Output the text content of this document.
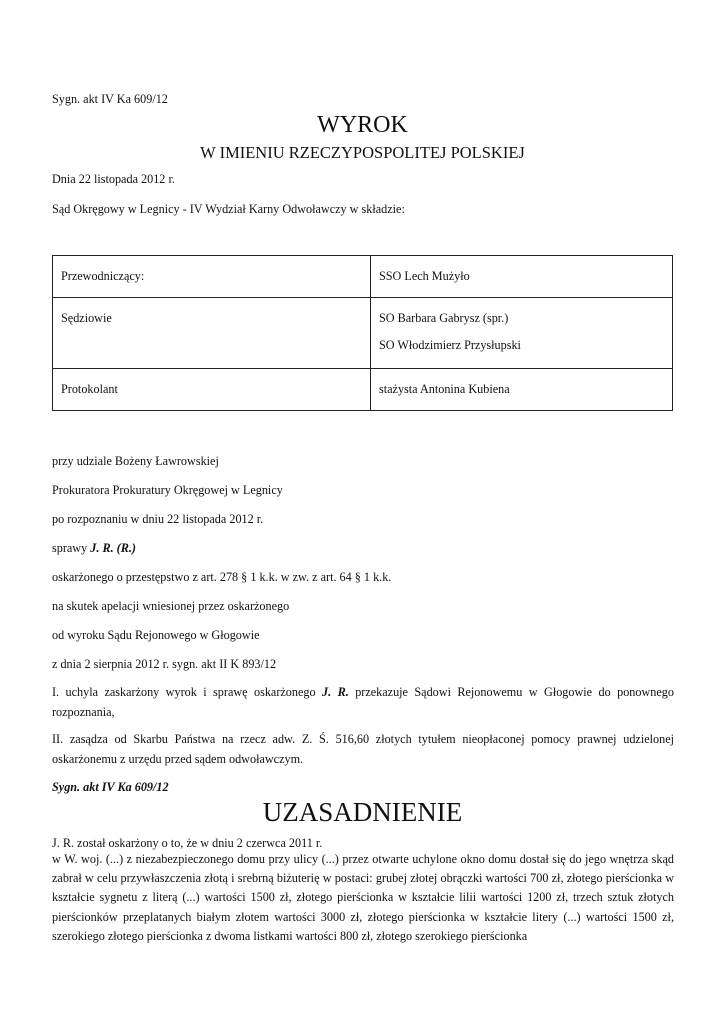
Sygn. akt IV Ka 609/12
WYROK
W IMIENIU RZECZYPOSPOLITEJ POLSKIEJ
Dnia 22 listopada 2012 r.
Sąd Okręgowy w Legnicy - IV Wydział Karny Odwoławczy w składzie:
Przewodniczący:	SSO Lech Mużyło

Sędziowie	SO Barbara Gabrysz (spr.)
SO Włodzimierz Przysłupski

Protokolant	stażysta Antonina Kubiena
przy udziale Bożeny Ławrowskiej
Prokuratora Prokuratury Okręgowej w Legnicy
po rozpoznaniu w dniu 22 listopada 2012 r.
sprawy J. R. (R.)
oskarżonego o przestępstwo z art. 278 § 1 k.k. w zw. z art. 64 § 1 k.k.
na skutek apelacji wniesionej przez oskarżonego
od wyroku Sądu Rejonowego w Głogowie
z dnia 2 sierpnia 2012 r. sygn. akt II K 893/12
I. uchyla zaskarżony wyrok i sprawę oskarżonego J. R. przekazuje Sądowi Rejonowemu w Głogowie do ponownego rozpoznania,
II. zasądza od Skarbu Państwa na rzecz adw. Z. Ś. 516,60 złotych tytułem nieopłaconej pomocy prawnej udzielonej oskarżonemu z urzędu przed sądem odwoławczym.
Sygn. akt IV Ka 609/12
UZASADNIENIE
J. R. został oskarżony o to, że w dniu 2 czerwca 2011 r.
w W. woj. (...) z niezabezpieczonego domu przy ulicy (...) przez otwarte uchylone okno domu dostał się do jego wnętrza skąd zabrał w celu przywłaszczenia złotą i srebrną biżuterię w postaci: grubej złotej obrączki wartości 700 zł, złotego pierścionka w kształcie sygnetu z literą (...) wartości 1500 zł, złotego pierścionka w kształcie lilii wartości 1200 zł, trzech sztuk złotych pierścionków przeplatanych białym złotem wartości 3000 zł, złotego pierścionka w kształcie litery (...) wartości 1500 zł, szerokiego złotego pierścionka z dwoma listkami wartości 800 zł, złotego szerokiego pierścionka
